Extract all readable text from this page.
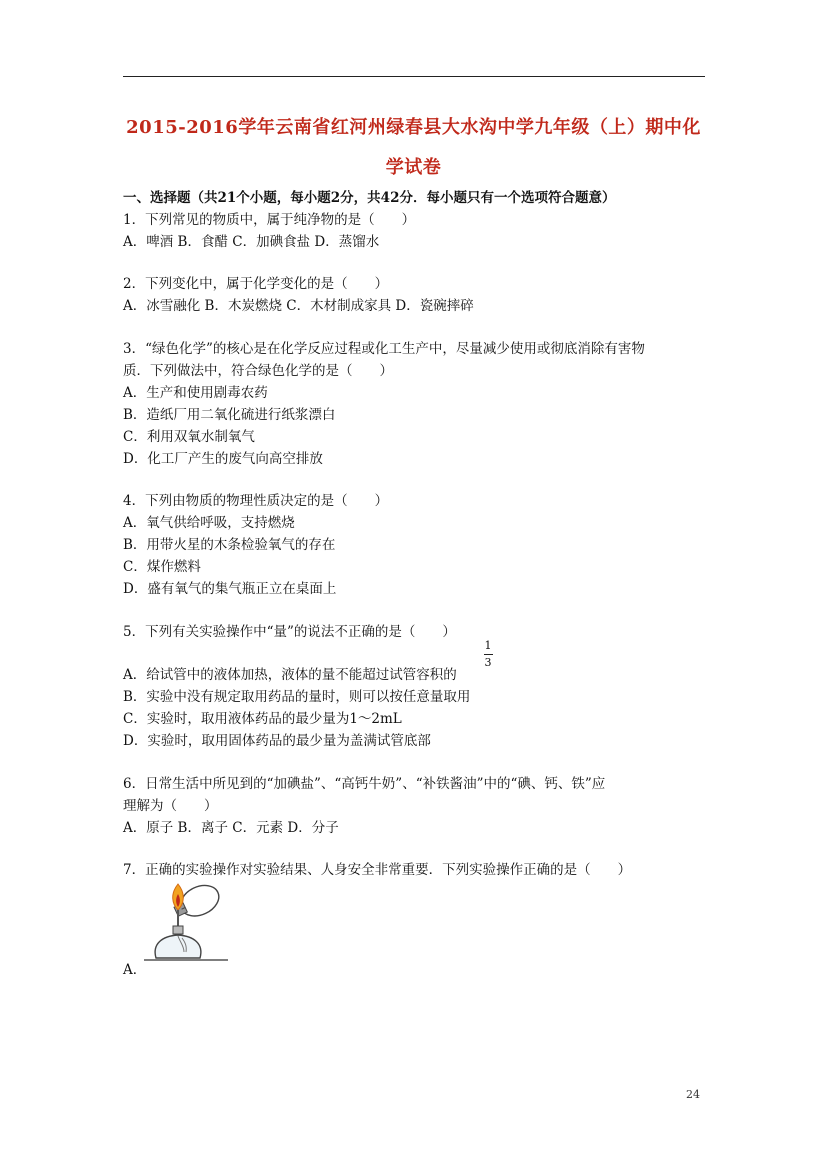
2015-2016学年云南省红河州绿春县大水沟中学九年级（上）期中化
学试卷
一、选择题（共21个小题，每小题2分，共42分．每小题只有一个选项符合题意）
1．下列常见的物质中，属于纯净物的是（　　）
A．啤酒 B．食醋 C．加碘食盐 D．蒸馏水
2．下列变化中，属于化学变化的是（　　）
A．冰雪融化 B．木炭燃烧 C．木材制成家具 D．瓷碗摔碎
3．“绿色化学”的核心是在化学反应过程或化工生产中，尽量减少使用或彻底消除有害物
质．下列做法中，符合绿色化学的是（　　）
A．生产和使用剧毒农药
B．造纸厂用二氧化硫进行纸浆漂白
C．利用双氧水制氧气
D．化工厂产生的废气向高空排放
4．下列由物质的物理性质决定的是（　　）
A．氧气供给呼吸，支持燃烧
B．用带火星的木条检验氧气的存在
C．煤作燃料
D．盛有氧气的集气瓶正立在桌面上
5．下列有关实验操作中“量”的说法不正确的是（　　）
A．给试管中的液体加热，液体的量不能超过试管容积的
1
3
B．实验中没有规定取用药品的量时，则可以按任意量取用
C．实验时，取用液体药品的最少量为1～2mL
D．实验时，取用固体药品的最少量为盖满试管底部
6．日常生活中所见到的“加碘盐”、“高钙牛奶”、“补铁酱油”中的“碘、钙、铁”应
理解为（　　）
A．原子 B．离子 C．元素 D．分子
7．正确的实验操作对实验结果、人身安全非常重要．下列实验操作正确的是（　　）
A．
24
